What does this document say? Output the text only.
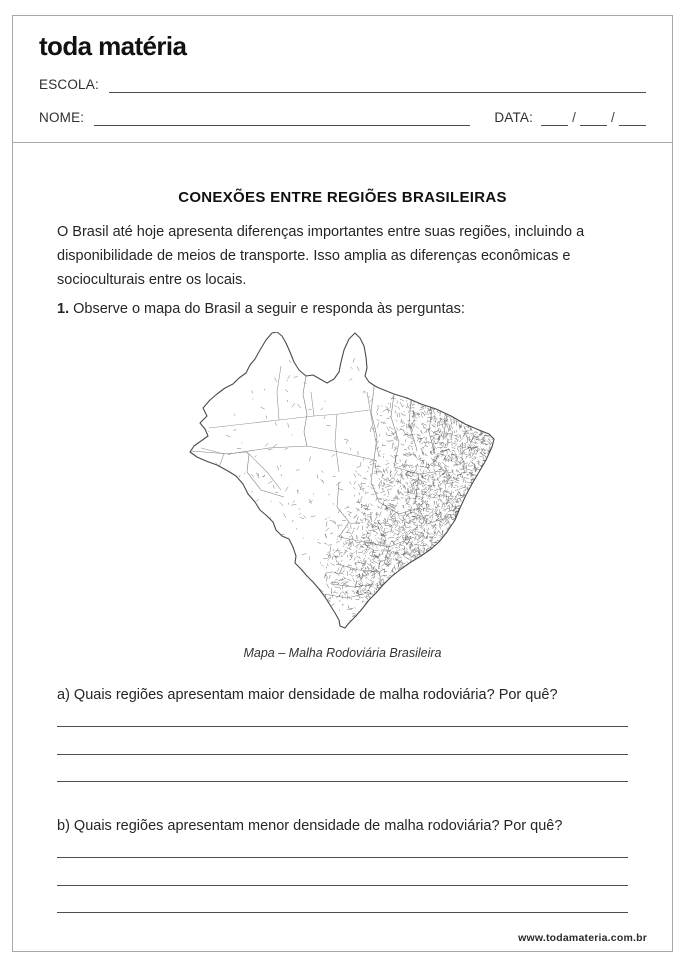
toda matéria
ESCOLA:
NOME:	DATA:	/	/
CONEXÕES ENTRE REGIÕES BRASILEIRAS
O Brasil até hoje apresenta diferenças importantes entre suas regiões, incluindo a disponibilidade de meios de transporte. Isso amplia as diferenças econômicas e socioculturais entre os locais.
1. Observe o mapa do Brasil a seguir e responda às perguntas:
Mapa – Malha Rodoviária Brasileira
a) Quais regiões apresentam maior densidade de malha rodoviária? Por quê?
b) Quais regiões apresentam menor densidade de malha rodoviária? Por quê?
www.todamateria.com.br
